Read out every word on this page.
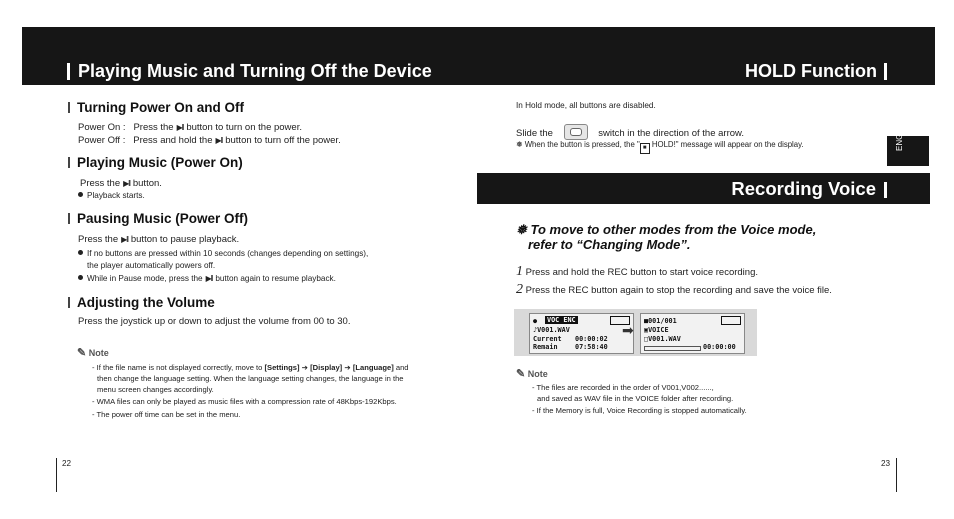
Playing Music and Turning Off the Device	HOLD Function
Turning Power On and Off
Power On : Press the ▶ll button to turn on the power.
Power Off : Press and hold the ▶ll button to turn off the power.
Playing Music (Power On)
Press the ▶ll button.
Playback starts.
Pausing Music (Power Off)
Press the ▶ll button to pause playback.
If no buttons are pressed within 10 seconds (changes depending on settings),
the player automatically powers off.
While in Pause mode, press the ▶ll button again to resume playback.
Adjusting the Volume
Press the joystick up or down to adjust the volume from 00 to 30.
✎ Note
- If the file name is not displayed correctly, move to [Settings] ➔ [Display] ➔ [Language] and
then change the language setting. When the language setting changes, the language in the
menu screen changes accordingly.
- WMA files can only be played as music files with a compression rate of 48Kbps-192Kbps.
- The power off time can be set in the menu.
22
In Hold mode, all buttons are disabled.
Slide the	switch in the direction of the arrow.
❅ When the button is pressed, the " ■ HOLD!" message will appear on the display.	ENG
Recording Voice
❅ To move to other modes from the Voice mode,
refer to “Changing Mode”.
1 Press and hold the REC button to start voice recording.
2 Press the REC button again to stop the recording and save the voice file.
● VOC ENC
♪V001.WAV
Current 00:00:02
Remain	07:58:40
➡
■001/001
▣VOICE
□V001.WAV
00:00:00
✎ Note
- The files are recorded in the order of V001,V002......,
and saved as WAV file in the VOICE folder after recording.
- If the Memory is full, Voice Recording is stopped automatically.
23
